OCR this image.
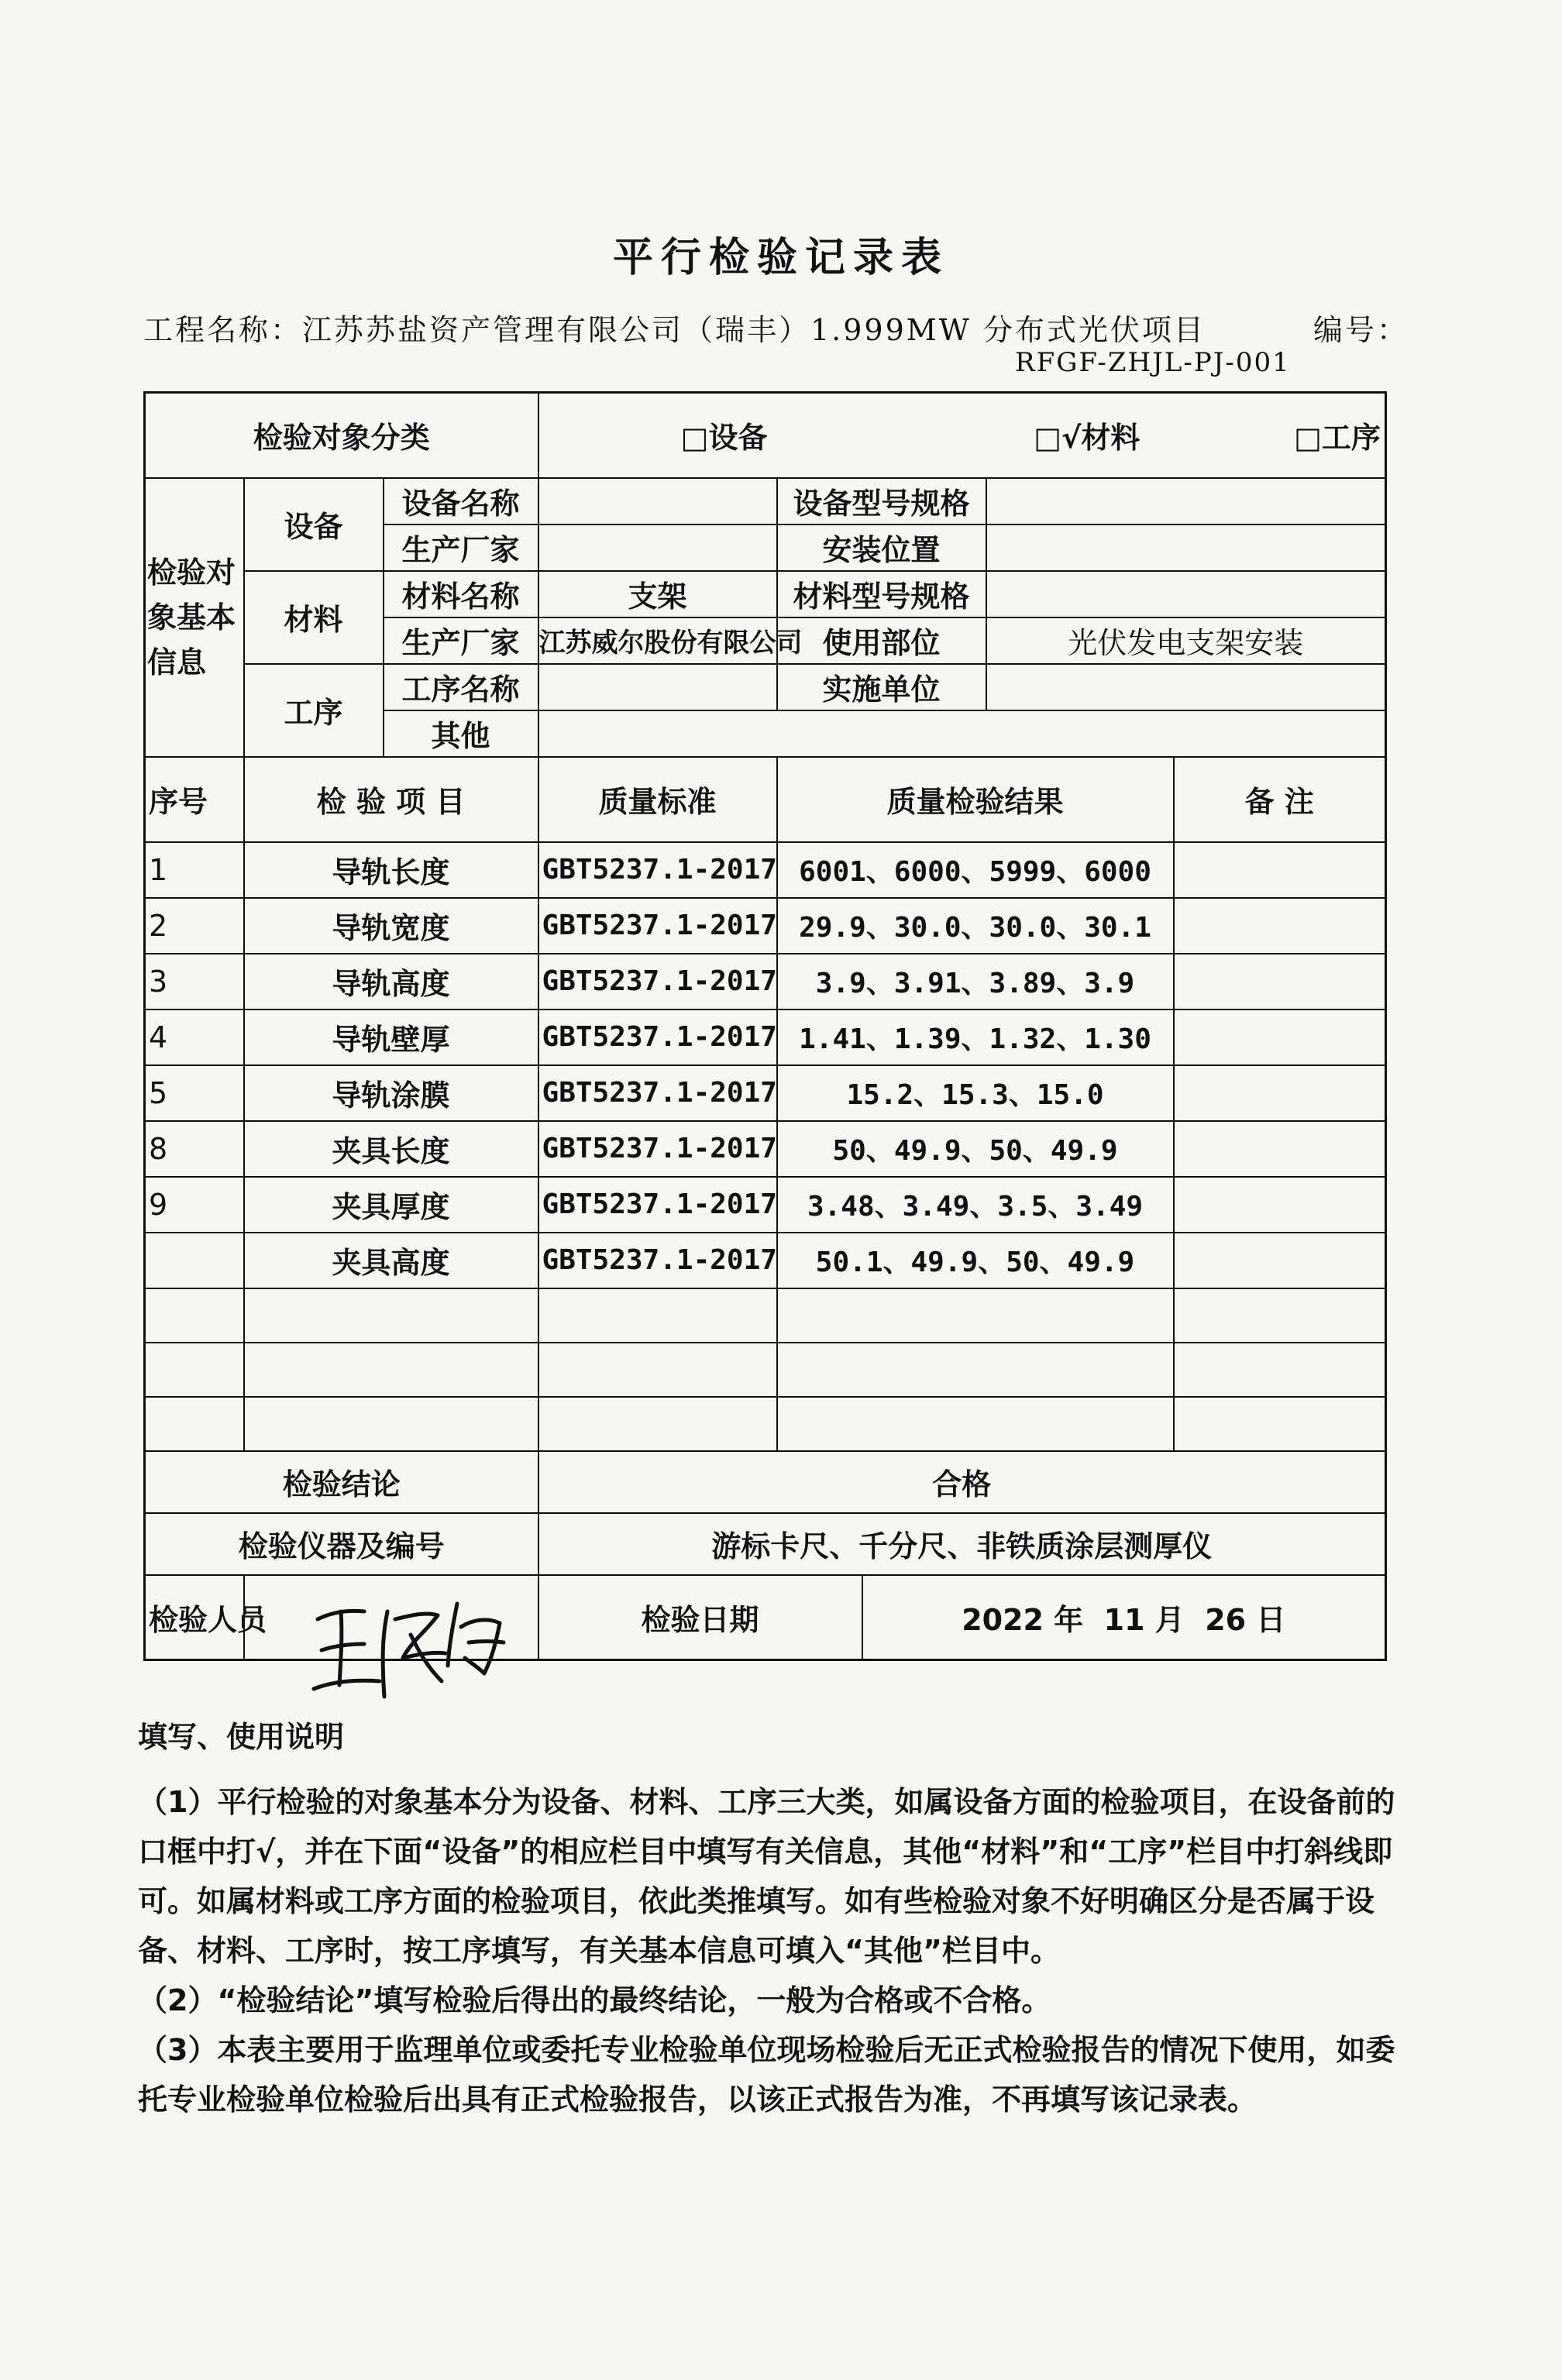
平行检验记录表
工程名称：江苏苏盐资产管理有限公司（瑞丰）1.999MW 分布式光伏项目	编号：
RFGF-ZHJL-PJ-001
检验对象分类			□设备 □√材料 □工序				
检验对象基本信息	设备	设备名称		设备型号规格			
		生产厂家		安装位置			
	材料	材料名称	支架	材料型号规格			
		生产厂家	江苏威尔股份有限公司	使用部位		光伏发电支架安装	
	工序	工序名称		实施单位			
		其他					
序号	检 验 项 目		质量标准	质量检验结果			备 注
1	导轨长度		GBT5237.1-2017	6001、6000、5999、6000			
2	导轨宽度		GBT5237.1-2017	29.9、30.0、30.0、30.1			
3	导轨高度		GBT5237.1-2017	3.9、3.91、3.89、3.9			
4	导轨壁厚		GBT5237.1-2017	1.41、1.39、1.32、1.30			
5	导轨涂膜		GBT5237.1-2017	15.2、15.3、15.0			
8	夹具长度		GBT5237.1-2017	50、49.9、50、49.9			
9	夹具厚度		GBT5237.1-2017	3.48、3.49、3.5、3.49			
	夹具高度		GBT5237.1-2017	50.1、49.9、50、49.9			

检验结论			合格				
检验仪器及编号			游标卡尺、千分尺、非铁质涂层测厚仪				
检验人员			检验日期		2022 年  11 月  26 日		
填写、使用说明

（1）平行检验的对象基本分为设备、材料、工序三大类，如属设备方面的检验项目，在设备前的口框中打√，并在下面“设备”的相应栏目中填写有关信息，其他“材料”和“工序”栏目中打斜线即可。如属材料或工序方面的检验项目，依此类推填写。如有些检验对象不好明确区分是否属于设备、材料、工序时，按工序填写，有关基本信息可填入“其他”栏目中。

（2）“检验结论”填写检验后得出的最终结论，一般为合格或不合格。

（3）本表主要用于监理单位或委托专业检验单位现场检验后无正式检验报告的情况下使用，如委托专业检验单位检验后出具有正式检验报告，以该正式报告为准，不再填写该记录表。
